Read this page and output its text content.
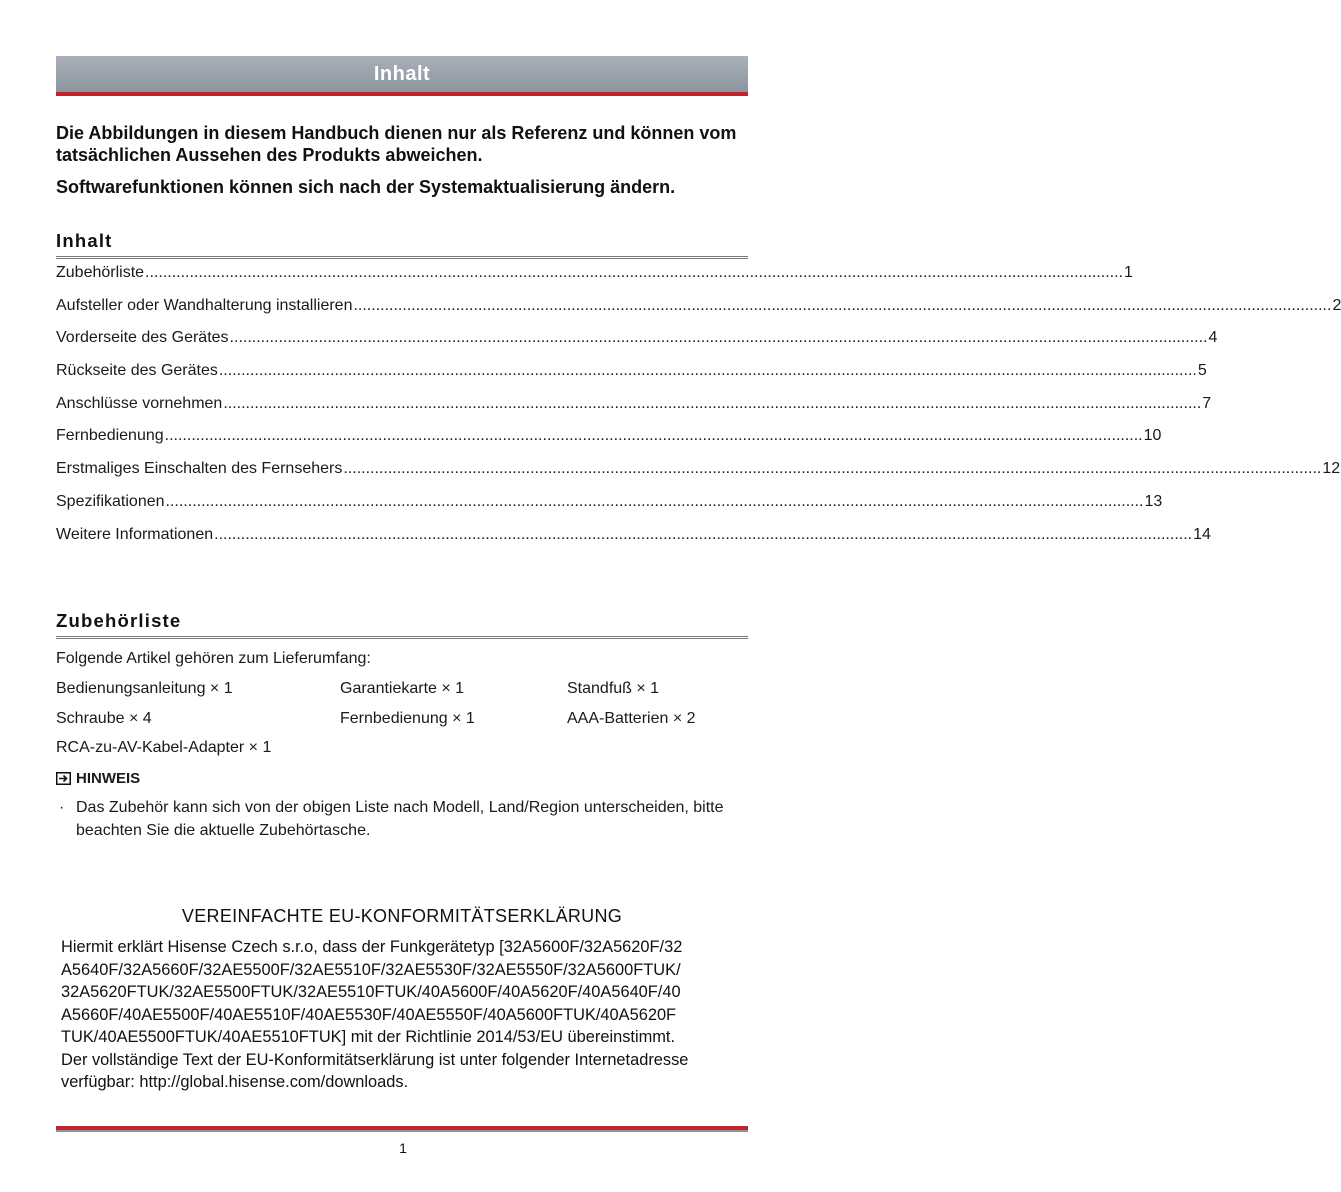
Inhalt

Die Abbildungen in diesem Handbuch dienen nur als Referenz und können vom tatsächlichen Aussehen des Produkts abweichen.

Softwarefunktionen können sich nach der Systemaktualisierung ändern.

Inhalt
Zubehörliste ............................................................................................................................................................................................................................ 1
Aufsteller oder Wandhalterung installieren ............................................................................................................................................................................................................................ 2
Vorderseite des Gerätes ............................................................................................................................................................................................................................ 4
Rückseite des Gerätes ............................................................................................................................................................................................................................ 5
Anschlüsse vornehmen ............................................................................................................................................................................................................................ 7
Fernbedienung ............................................................................................................................................................................................................................ 10
Erstmaliges Einschalten des Fernsehers ............................................................................................................................................................................................................................ 12
Spezifikationen ............................................................................................................................................................................................................................ 13
Weitere Informationen ............................................................................................................................................................................................................................ 14
Zubehörliste
Folgende Artikel gehören zum Lieferumfang:
Bedienungsanleitung × 1	Garantiekarte × 1	Standfuß × 1
Schraube × 4	Fernbedienung × 1	AAA-Batterien × 2
RCA-zu-AV-Kabel-Adapter × 1
HINWEIS
· Das Zubehör kann sich von der obigen Liste nach Modell, Land/Region unterscheiden, bitte beachten Sie die aktuelle Zubehörtasche.
VEREINFACHTE EU-KONFORMITÄTSERKLÄRUNG
Hiermit erklärt Hisense Czech s.r.o, dass der Funkgerätetyp [32A5600F/32A5620F/32
A5640F/32A5660F/32AE5500F/32AE5510F/32AE5530F/32AE5550F/32A5600FTUK/
32A5620FTUK/32AE5500FTUK/32AE5510FTUK/40A5600F/40A5620F/40A5640F/40
A5660F/40AE5500F/40AE5510F/40AE5530F/40AE5550F/40A5600FTUK/40A5620F
TUK/40AE5500FTUK/40AE5510FTUK] mit der Richtlinie 2014/53/EU übereinstimmt.
Der vollständige Text der EU-Konformitätserklärung ist unter folgender Internetadresse
verfügbar: http://global.hisense.com/downloads.
1
